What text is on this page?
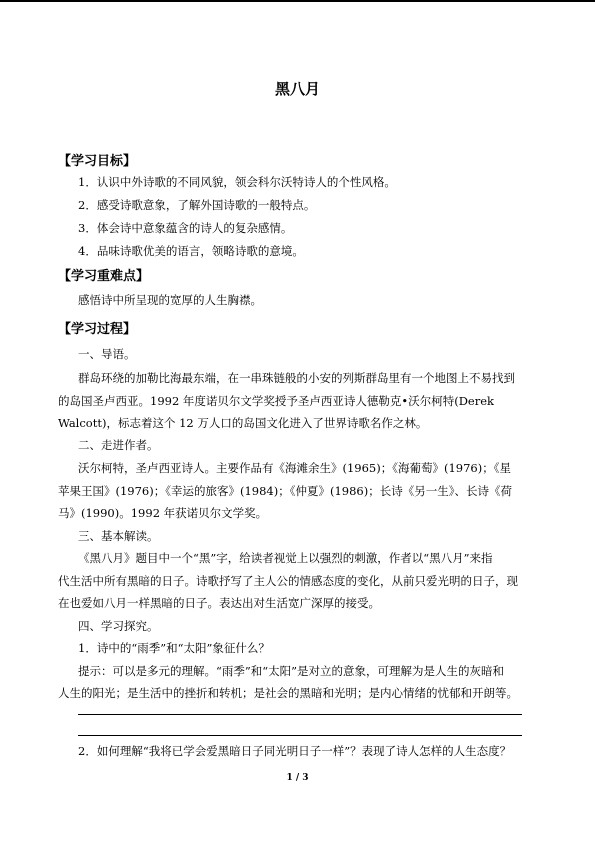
黑八月
【学习目标】
1．认识中外诗歌的不同风貌，领会科尔沃特诗人的个性风格。
2．感受诗歌意象，了解外国诗歌的一般特点。
3．体会诗中意象蕴含的诗人的复杂感情。
4．品味诗歌优美的语言，领略诗歌的意境。
【学习重难点】
感悟诗中所呈现的宽厚的人生胸襟。
【学习过程】
一、导语。
群岛环绕的加勒比海最东端，在一串珠链般的小安的列斯群岛里有一个地图上不易找到
的岛国圣卢西亚。1992 年度诺贝尔文学奖授予圣卢西亚诗人德勒克•沃尔柯特(Derek
Walcott)，标志着这个 12 万人口的岛国文化进入了世界诗歌名作之林。
二、走进作者。
沃尔柯特，圣卢西亚诗人。主要作品有《海滩余生》(1965)；《海葡萄》(1976)；《星
苹果王国》(1976)；《幸运的旅客》(1984)；《仲夏》(1986)；长诗《另一生》、长诗《荷
马》(1990)。1992 年获诺贝尔文学奖。
三、基本解读。
《黑八月》题目中一个“黑”字，给读者视觉上以强烈的刺激，作者以“黑八月”来指
代生活中所有黑暗的日子。诗歌抒写了主人公的情感态度的变化，从前只爱光明的日子，现
在也爱如八月一样黑暗的日子。表达出对生活宽广深厚的接受。
四、学习探究。
1．诗中的“雨季”和“太阳”象征什么？
提示：可以是多元的理解。“雨季”和“太阳”是对立的意象，可理解为是人生的灰暗和
人生的阳光；是生活中的挫折和转机；是社会的黑暗和光明；是内心情绪的忧郁和开朗等。
2．如何理解“我将已学会爱黑暗日子同光明日子一样”？表现了诗人怎样的人生态度？
1 / 3
